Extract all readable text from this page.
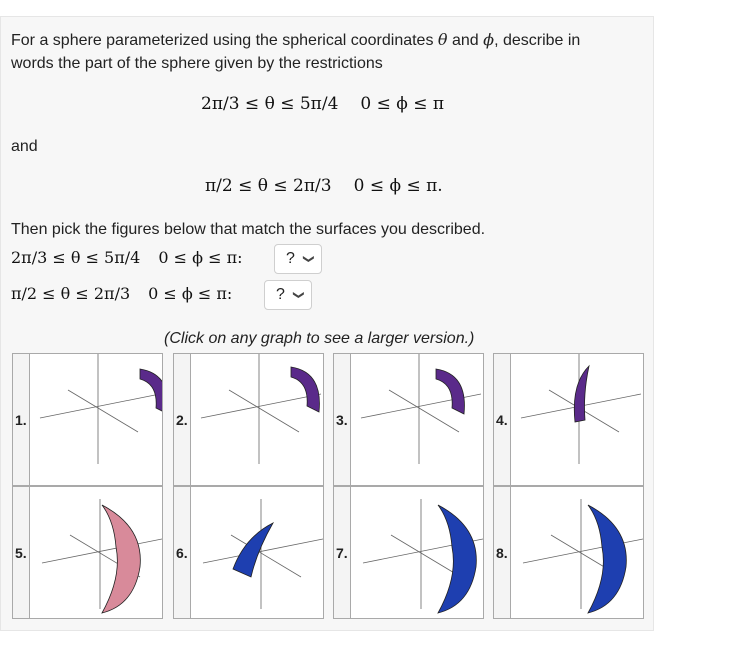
For a sphere parameterized using the spherical coordinates θ and ϕ, describe in
words the part of the sphere given by the restrictions
2π/3 ≤ θ ≤ 5π/4 0 ≤ ϕ ≤ π
and
π/2 ≤ θ ≤ 2π/3 0 ≤ ϕ ≤ π.
Then pick the figures below that match the surfaces you described.
2π/3 ≤ θ ≤ 5π/4 0 ≤ ϕ ≤ π:	? ❯
π/2 ≤ θ ≤ 2π/3 0 ≤ ϕ ≤ π:	? ❯
(Click on any graph to see a larger version.)
1.	2.	3.	4.
5.	6.	7.	8.
